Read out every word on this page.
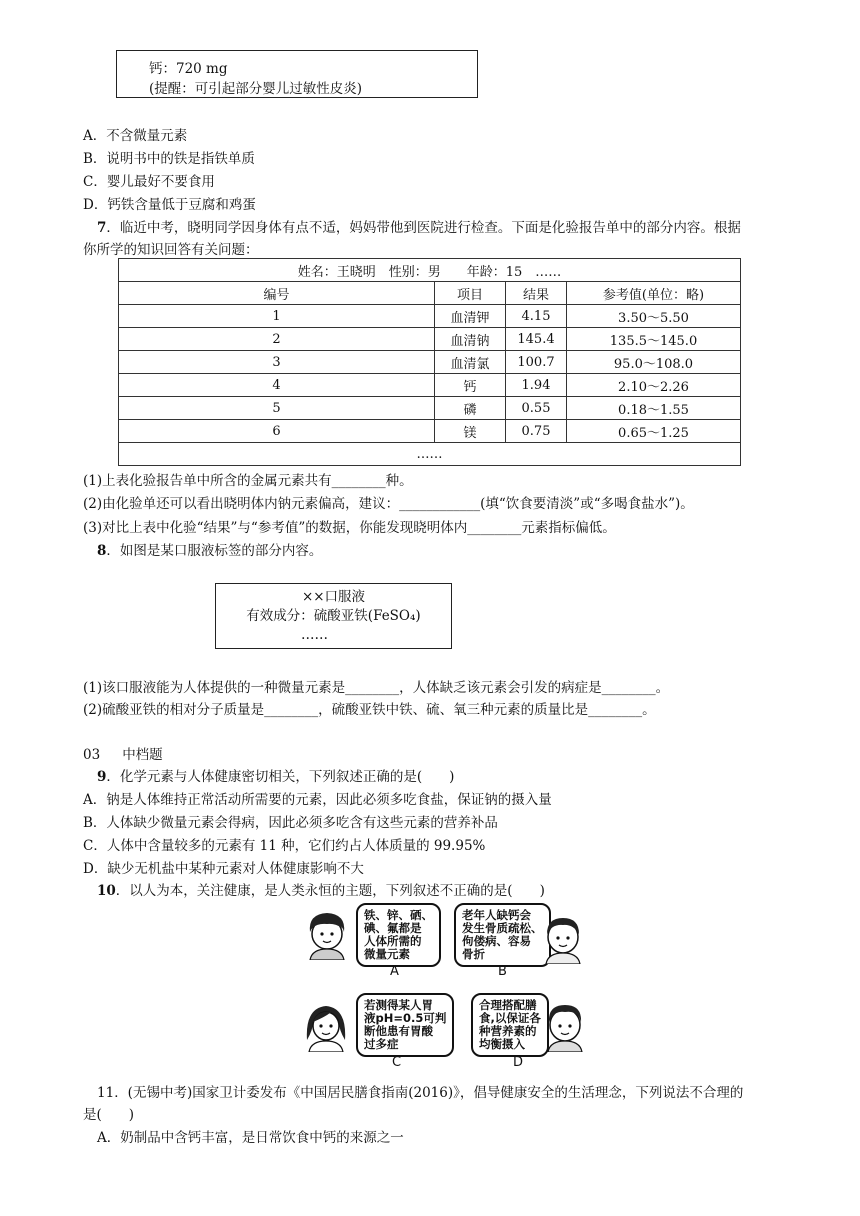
钙：720 mg
(提醒：可引起部分婴儿过敏性皮炎)
A．不含微量元素
B．说明书中的铁是指铁单质
C．婴儿最好不要食用
D．钙铁含量低于豆腐和鸡蛋
7．临近中考，晓明同学因身体有点不适，妈妈带他到医院进行检查。下面是化验报告单中的部分内容。根据
你所学的知识回答有关问题：
姓名：王晓明　性别：男　　年龄：15　……			
编号	项目	结果	参考值(单位：略)
1	血清钾	4.15	3.50～5.50
2	血清钠	145.4	135.5～145.0
3	血清氯	100.7	95.0～108.0
4	钙	1.94	2.10～2.26
5	磷	0.55	0.18～1.55
6	镁	0.75	0.65～1.25
……			
(1)上表化验报告单中所含的金属元素共有________种。
(2)由化验单还可以看出晓明体内钠元素偏高，建议：____________(填“饮食要清淡”或“多喝食盐水”)。
(3)对比上表中化验“结果”与“参考值”的数据，你能发现晓明体内________元素指标偏低。
8．如图是某口服液标签的部分内容。
××口服液
有效成分：硫酸亚铁(FeSO₄)
……
(1)该口服液能为人体提供的一种微量元素是________，人体缺乏该元素会引发的病症是________。
(2)硫酸亚铁的相对分子质量是________，硫酸亚铁中铁、硫、氧三种元素的质量比是________。
03 中档题
9．化学元素与人体健康密切相关，下列叙述正确的是(　　)
A．钠是人体维持正常活动所需要的元素，因此必须多吃食盐，保证钠的摄入量
B．人体缺少微量元素会得病，因此必须多吃含有这些元素的营养补品
C．人体中含量较多的元素有 11 种，它们约占人体质量的 99.95%
D．缺少无机盐中某种元素对人体健康影响不大
10．以人为本，关注健康，是人类永恒的主题，下列叙述不正确的是(　　)
铁、锌、硒、
碘、氟都是
人体所需的
微量元素
A
老年人缺钙会
发生骨质疏松、
佝偻病、容易
骨折
B
若测得某人胃
液pH=0.5可判
断他患有胃酸
过多症
C
合理搭配膳
食,以保证各
种营养素的
均衡摄入
D
11．(无锡中考)国家卫计委发布《中国居民膳食指南(2016)》，倡导健康安全的生活理念，下列说法不合理的
是(　　)
A．奶制品中含钙丰富，是日常饮食中钙的来源之一
